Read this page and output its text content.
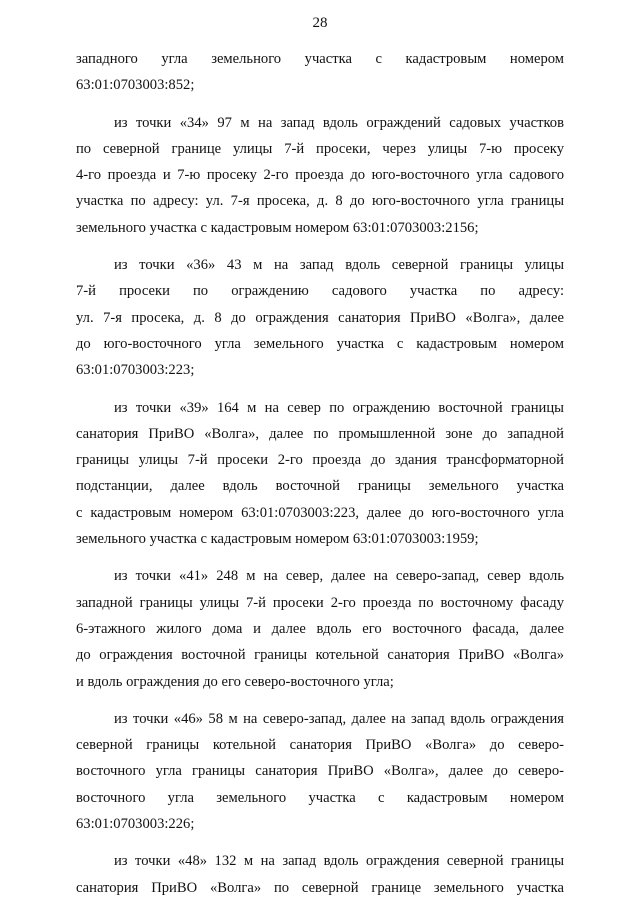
28

западного угла земельного участка с кадастровым номером
63:01:0703003:852;

из точки «34» 97 м на запад вдоль ограждений садовых участков
по северной границе улицы 7-й просеки, через улицы 7-ю просеку
4-го проезда и 7-ю просеку 2-го проезда до юго-восточного угла садового
участка по адресу: ул. 7-я просека, д. 8 до юго-восточного угла границы
земельного участка с кадастровым номером 63:01:0703003:2156;

из точки «36» 43 м на запад вдоль северной границы улицы
7-й просеки по ограждению садового участка по адресу:
ул. 7-я просека, д. 8 до ограждения санатория ПриВО «Волга», далее
до юго-восточного угла земельного участка с кадастровым номером
63:01:0703003:223;

из точки «39» 164 м на север по ограждению восточной границы
санатория ПриВО «Волга», далее по промышленной зоне до западной
границы улицы 7-й просеки 2-го проезда до здания трансформаторной
подстанции, далее вдоль восточной границы земельного участка
с кадастровым номером 63:01:0703003:223, далее до юго-восточного угла
земельного участка с кадастровым номером 63:01:0703003:1959;

из точки «41» 248 м на север, далее на северо-запад, север вдоль
западной границы улицы 7-й просеки 2-го проезда по восточному фасаду
6-этажного жилого дома и далее вдоль его восточного фасада, далее
до ограждения восточной границы котельной санатория ПриВО «Волга»
и вдоль ограждения до его северо-восточного угла;

из точки «46» 58 м на северо-запад, далее на запад вдоль ограждения
северной границы котельной санатория ПриВО «Волга» до северо-
восточного угла границы санатория ПриВО «Волга», далее до северо-
восточного угла земельного участка с кадастровым номером
63:01:0703003:226;

из точки «48» 132 м на запад вдоль ограждения северной границы
санатория ПриВО «Волга» по северной границе земельного участка
